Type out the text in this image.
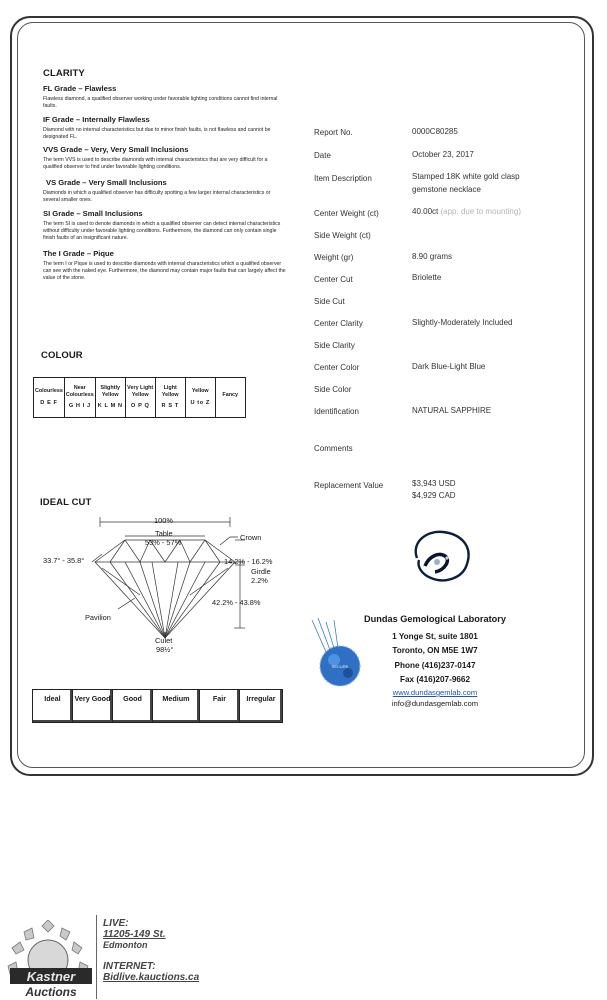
CLARITY
FL Grade – Flawless
Flawless diamond, a qualified observer working under favorable lighting conditions cannot find internal faults.
IF Grade – Internally Flawless
Diamond with no internal characteristics but due to minor finish faults, is not flawless and cannot be designated FL.
VVS Grade – Very, Very Small Inclusions
The term VVS is used to describe diamonds with internal characteristics that are very difficult for a qualified observer to find under favorable lighting conditions.
VS Grade – Very Small Inclusions
Diamonds in which a qualified observer has difficulty spotting a few larger internal characteristics or several smaller ones.
SI Grade – Small Inclusions
The term SI is used to denote diamonds in which a qualified observer can detect internal characteristics without difficulty under favorable lighting conditions. Furthermore, the diamond can only contain single finish faults of an insignificant nature.
The I Grade – Pique
The term I or Pique is used to describe diamonds with internal characteristics which a qualified observer can see with the naked eye. Furthermore, the diamond may contain major faults that can largely affect the value of the stone.
COLOUR
Colourless
D E F
	Near Colourless
G H I J
	Slightly Yellow
K L M N
	Very Light Yellow
O P Q
	Light Yellow
R S T
	Yellow
U to Z
	Fancy
IDEAL CUT
100%
Table
53% - 57%
Crown
33.7° - 35.8°	14.2% - 16.2%
Girdle
2.2%
42.2% - 43.8%
Pavilion
Culet
98½°
Ideal	Very Good	Good	Medium	Fair	Irregular
Report No.	0000C80285
Date	October 23, 2017
Item Description	Stamped 18K white gold clasp gemstone necklace
Center Weight (ct)	40.00ct (app. due to mounting)
Side Weight (ct)
Weight (gr)	8.90 grams
Center Cut	Briolette
Side Cut
Center Clarity	Slightly-Moderately Included
Side Clarity
Center Color	Dark Blue-Light Blue
Side Color
Identification	NATURAL SAPPHIRE
Comments
Replacement Value	$3,943 USD
$4,929 CAD
Dundas Gemological Laboratory
1 Yonge St, suite 1801
Toronto, ON M5E 1W7
Phone (416)237-0147
Fax (416)207-9662
www.dundasgemlab.com
info@dundasgemlab.com
SECURE
Kastner
Auctions
LIVE:
11205-149 St.
Edmonton
INTERNET:
Bidlive.kauctions.ca
